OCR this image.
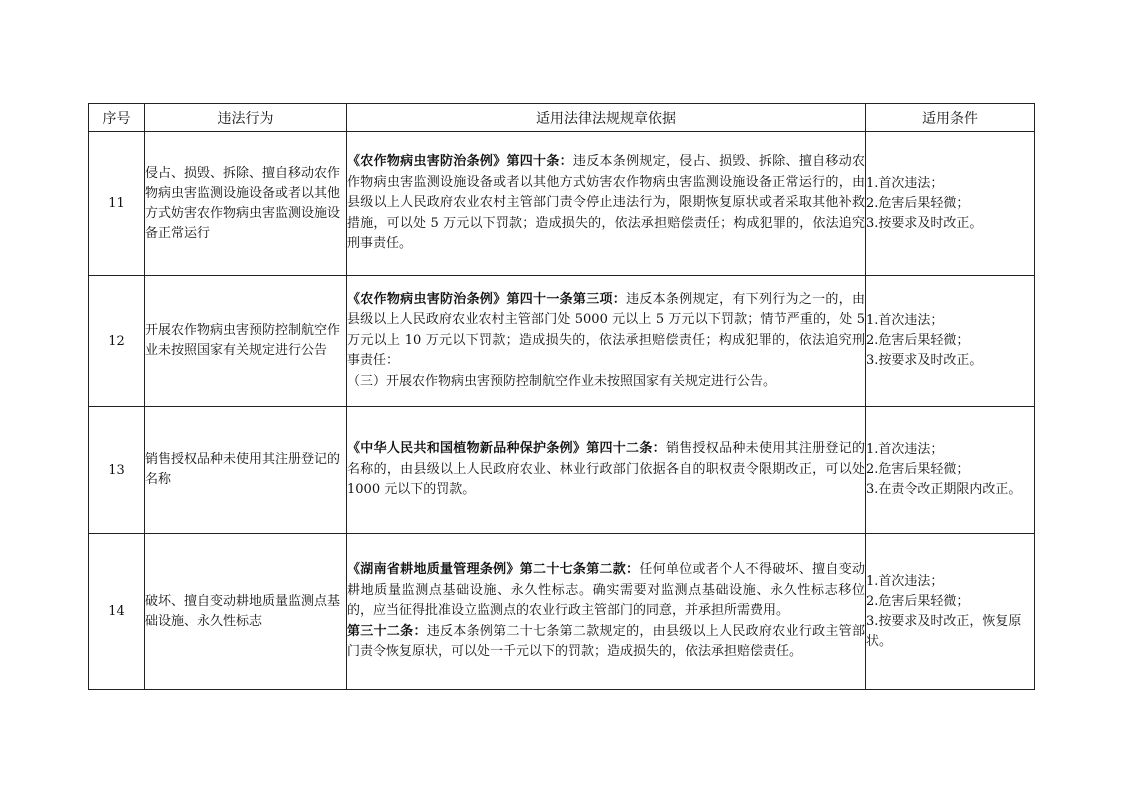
序号	违法行为	适用法律法规规章依据	适用条件
11	侵占、损毁、拆除、擅自移动农作物病虫害监测设施设备或者以其他方式妨害农作物病虫害监测设施设备正常运行	《农作物病虫害防治条例》第四十条：违反本条例规定，侵占、损毁、拆除、擅自移动农作物病虫害监测设施设备或者以其他方式妨害农作物病虫害监测设施设备正常运行的，由县级以上人民政府农业农村主管部门责令停止违法行为，限期恢复原状或者采取其他补救措施，可以处 5 万元以下罚款；造成损失的，依法承担赔偿责任；构成犯罪的，依法追究刑事责任。	1.首次违法；
2.危害后果轻微；
3.按要求及时改正。

12	开展农作物病虫害预防控制航空作业未按照国家有关规定进行公告	《农作物病虫害防治条例》第四十一条第三项：违反本条例规定，有下列行为之一的，由县级以上人民政府农业农村主管部门处 5000 元以上 5 万元以下罚款；情节严重的，处 5 万元以上 10 万元以下罚款；造成损失的，依法承担赔偿责任；构成犯罪的，依法追究刑事责任：
（三）开展农作物病虫害预防控制航空作业未按照国家有关规定进行公告。	1.首次违法；
2.危害后果轻微；
3.按要求及时改正。

13	销售授权品种未使用其注册登记的名称	《中华人民共和国植物新品种保护条例》第四十二条：销售授权品种未使用其注册登记的名称的，由县级以上人民政府农业、林业行政部门依据各自的职权责令限期改正，可以处 1000 元以下的罚款。	1.首次违法；
2.危害后果轻微；
3.在责令改正期限内改正。

14	破坏、擅自变动耕地质量监测点基础设施、永久性标志	《湖南省耕地质量管理条例》第二十七条第二款：任何单位或者个人不得破坏、擅自变动耕地质量监测点基础设施、永久性标志。确实需要对监测点基础设施、永久性标志移位的，应当征得批准设立监测点的农业行政主管部门的同意，并承担所需费用。
第三十二条：违反本条例第二十七条第二款规定的，由县级以上人民政府农业行政主管部门责令恢复原状，可以处一千元以下的罚款；造成损失的，依法承担赔偿责任。	1.首次违法；
2.危害后果轻微；
3.按要求及时改正，恢复原状。
